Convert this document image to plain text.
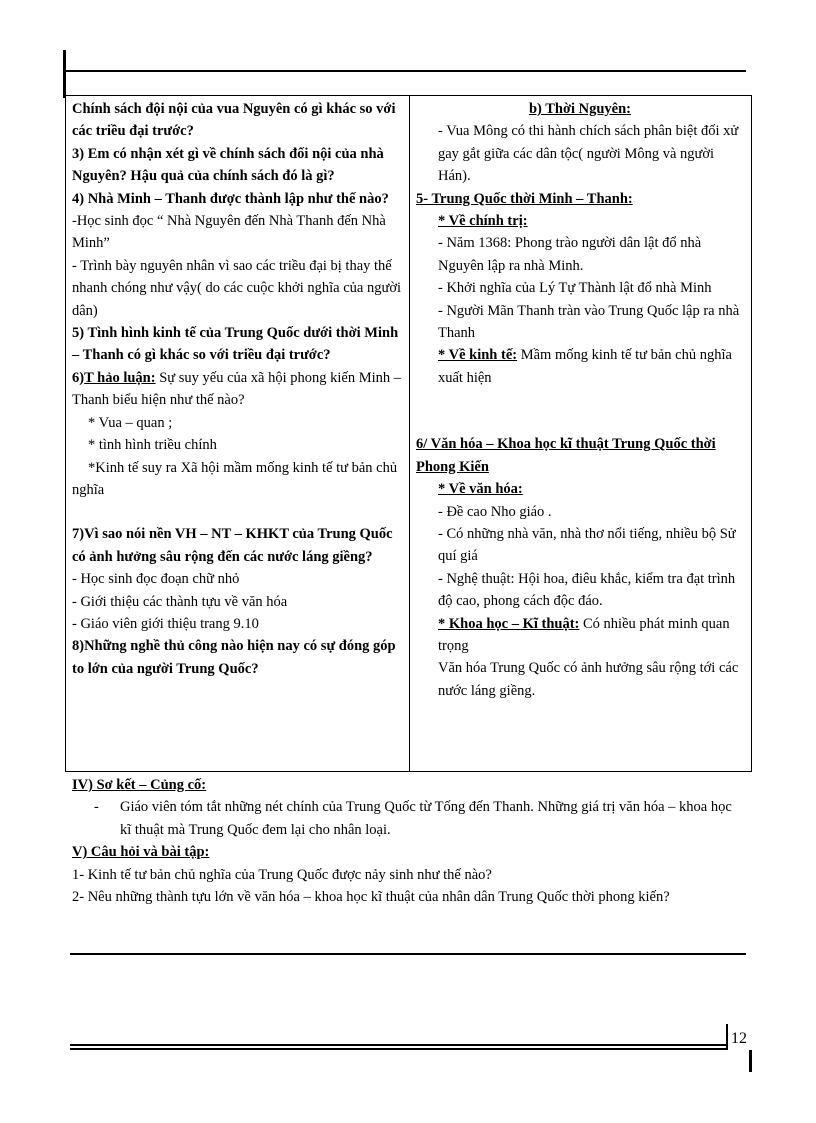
Chính sách đội nội của vua Nguyên có gì khác so với các triều đại trước?
3) Em có nhận xét gì về chính sách đối nội của nhà Nguyên? Hậu quả của chính sách đó là gì?
4) Nhà Minh – Thanh được thành lập như thế nào?
-Học sinh đọc “ Nhà Nguyên đến Nhà Thanh đến Nhà Minh”
- Trình bày nguyên nhân vì sao các triều đại bị thay thế nhanh chóng như vậy( do các cuộc khởi nghĩa của người dân)
5) Tình hình kinh tế của Trung Quốc dưới thời Minh – Thanh có gì khác so với triều đại trước?
6)T hảo luận: Sự suy yếu của xã hội phong kiến Minh – Thanh biểu hiện như thế nào?
* Vua – quan ;
* tình hình triều chính
*Kinh tế suy ra Xã hội mầm mống kinh tế tư bản chủ nghĩa
7)Vì sao nói nền VH – NT – KHKT của Trung Quốc có ảnh hưởng sâu rộng đến các nước láng giềng?
- Học sinh đọc đoạn chữ nhỏ
- Giới thiệu các thành tựu về văn hóa
- Giáo viên giới thiệu trang 9.10
8)Những nghề thủ công nào hiện nay có sự đóng góp to lớn của người Trung Quốc?
b) Thời Nguyên:
- Vua Mông có thi hành chích sách phân biệt đối xử gay gắt giữa các dân tộc( người Mông và người Hán).
5- Trung Quốc thời Minh – Thanh:
* Về chính trị:
- Năm 1368: Phong trào người dân lật đổ nhà Nguyên lập ra nhà Minh.
- Khởi nghĩa của Lý Tự Thành lật đổ nhà Minh
- Người Mãn Thanh tràn vào Trung Quốc lập ra nhà Thanh
* Về kinh tế: Mầm mống kinh tế tư bản chủ nghĩa xuất hiện
6/ Văn hóa – Khoa học kĩ thuật Trung Quốc thời Phong Kiến
* Về văn hóa:
- Đề cao Nho giáo .
- Có những nhà văn, nhà thơ nổi tiếng, nhiều bộ Sử quí giá
- Nghệ thuật: Hội hoa, điêu khắc, kiểm tra đạt trình độ cao, phong cách độc đáo.
* Khoa học – Kĩ thuật: Có nhiều phát minh quan trọng
Văn hóa Trung Quốc có ảnh hưởng sâu rộng tới các nước láng giềng.
IV) Sơ kết – Củng cố:
- Giáo viên tóm tắt những nét chính của Trung Quốc từ Tống đến Thanh. Những giá trị văn hóa – khoa học kĩ thuật mà Trung Quốc đem lại cho nhân loại.
V) Câu hỏi và bài tập:
1- Kinh tế tư bản chủ nghĩa của Trung Quốc được nảy sinh như thế nào?
2- Nêu những thành tựu lớn về văn hóa – khoa học kĩ thuật của nhân dân Trung Quốc thời phong kiến?
12
